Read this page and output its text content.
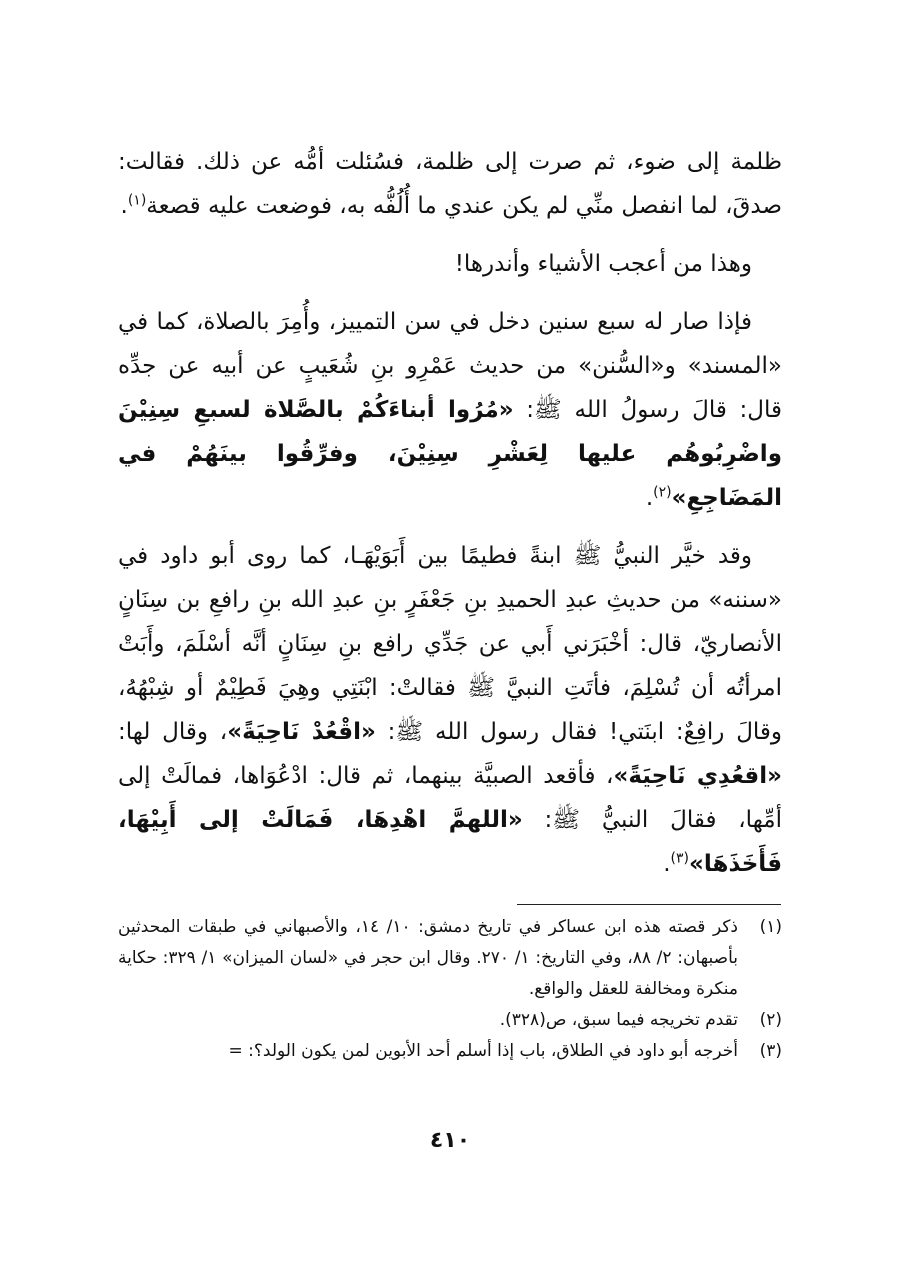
ظلمة إلى ضوء، ثم صرت إلى ظلمة، فسُئلت أمُّه عن ذلك. فقالت: صدقَ، لما انفصل منِّي لم يكن عندي ما أُلُفُّه به، فوضعت عليه قصعة$^{(١)}$.

وهذا من أعجب الأشياء وأندرها!

فإذا صار له سبع سنين دخل في سن التمييز، وأُمِرَ بالصلاة، كما في «المسند» و«السُّنن» من حديث عَمْرِو بنِ شُعَيبٍ عن أبيه عن جدِّه قال: قالَ رسولُ الله ﷺ: «مُرُوا أبناءَكُمْ بالصَّلاة لسبعِ سِنِيْنَ واضْرِبُوهُم عليها لِعَشْرِ سِنِيْنَ، وفرِّقُوا بينَهُمْ في المَضَاجِعِ»$^{(٢)}$.

وقد خيَّر النبيُّ ﷺ ابنةً فطيمًا بين أَبَوَيْهَـا، كما روى أبو داود في «سننه» من حديثِ عبدِ الحميدِ بنِ جَعْفَرٍ بنِ عبدِ الله بنِ رافعِ بن سِنَانٍ الأنصاريّ، قال: أخْبَرَني أَبي عن جَدِّي رافع بنِ سِنَانٍ أنَّه أسْلَمَ، وأَبَتْ امرأتُه أن تُسْلِمَ، فأتَتِ النبيَّ ﷺ فقالتْ: ابْنَتِي وهِيَ فَطِيْمٌ أو شِبْهُهُ، وقالَ رافِعٌ: ابنَتي! فقال رسول الله ﷺ: «اقْعُدْ نَاحِيَةً»، وقال لها: «اقعُدِي نَاحِيَةً»، فأقعد الصبيَّة بينهما، ثم قال: ادْعُوَاها، فمالَتْ إلى أمِّها، فقالَ النبيُّ ﷺ: «اللهمَّ اهْدِهَا، فَمَالَتْ إلى أَبِيْهَا، فَأَخَذَهَا»$^{(٣)}$.

(١)
ذكر قصته هذه ابن عساكر في تاريخ دمشق: ١٠/ ١٤، والأصبهاني في طبقات المحدثين بأصبهان: ٢/ ٨٨، وفي التاريخ: ١/ ٢٧٠. وقال ابن حجر في «لسان الميزان» ١/ ٣٢٩: حكاية منكرة ومخالفة للعقل والواقع.
(٢)
تقدم تخريجه فيما سبق، ص(٣٢٨).
(٣)
أخرجه أبو داود في الطلاق، باب إذا أسلم أحد الأبوين لمن يكون الولد؟: =
٤١٠
